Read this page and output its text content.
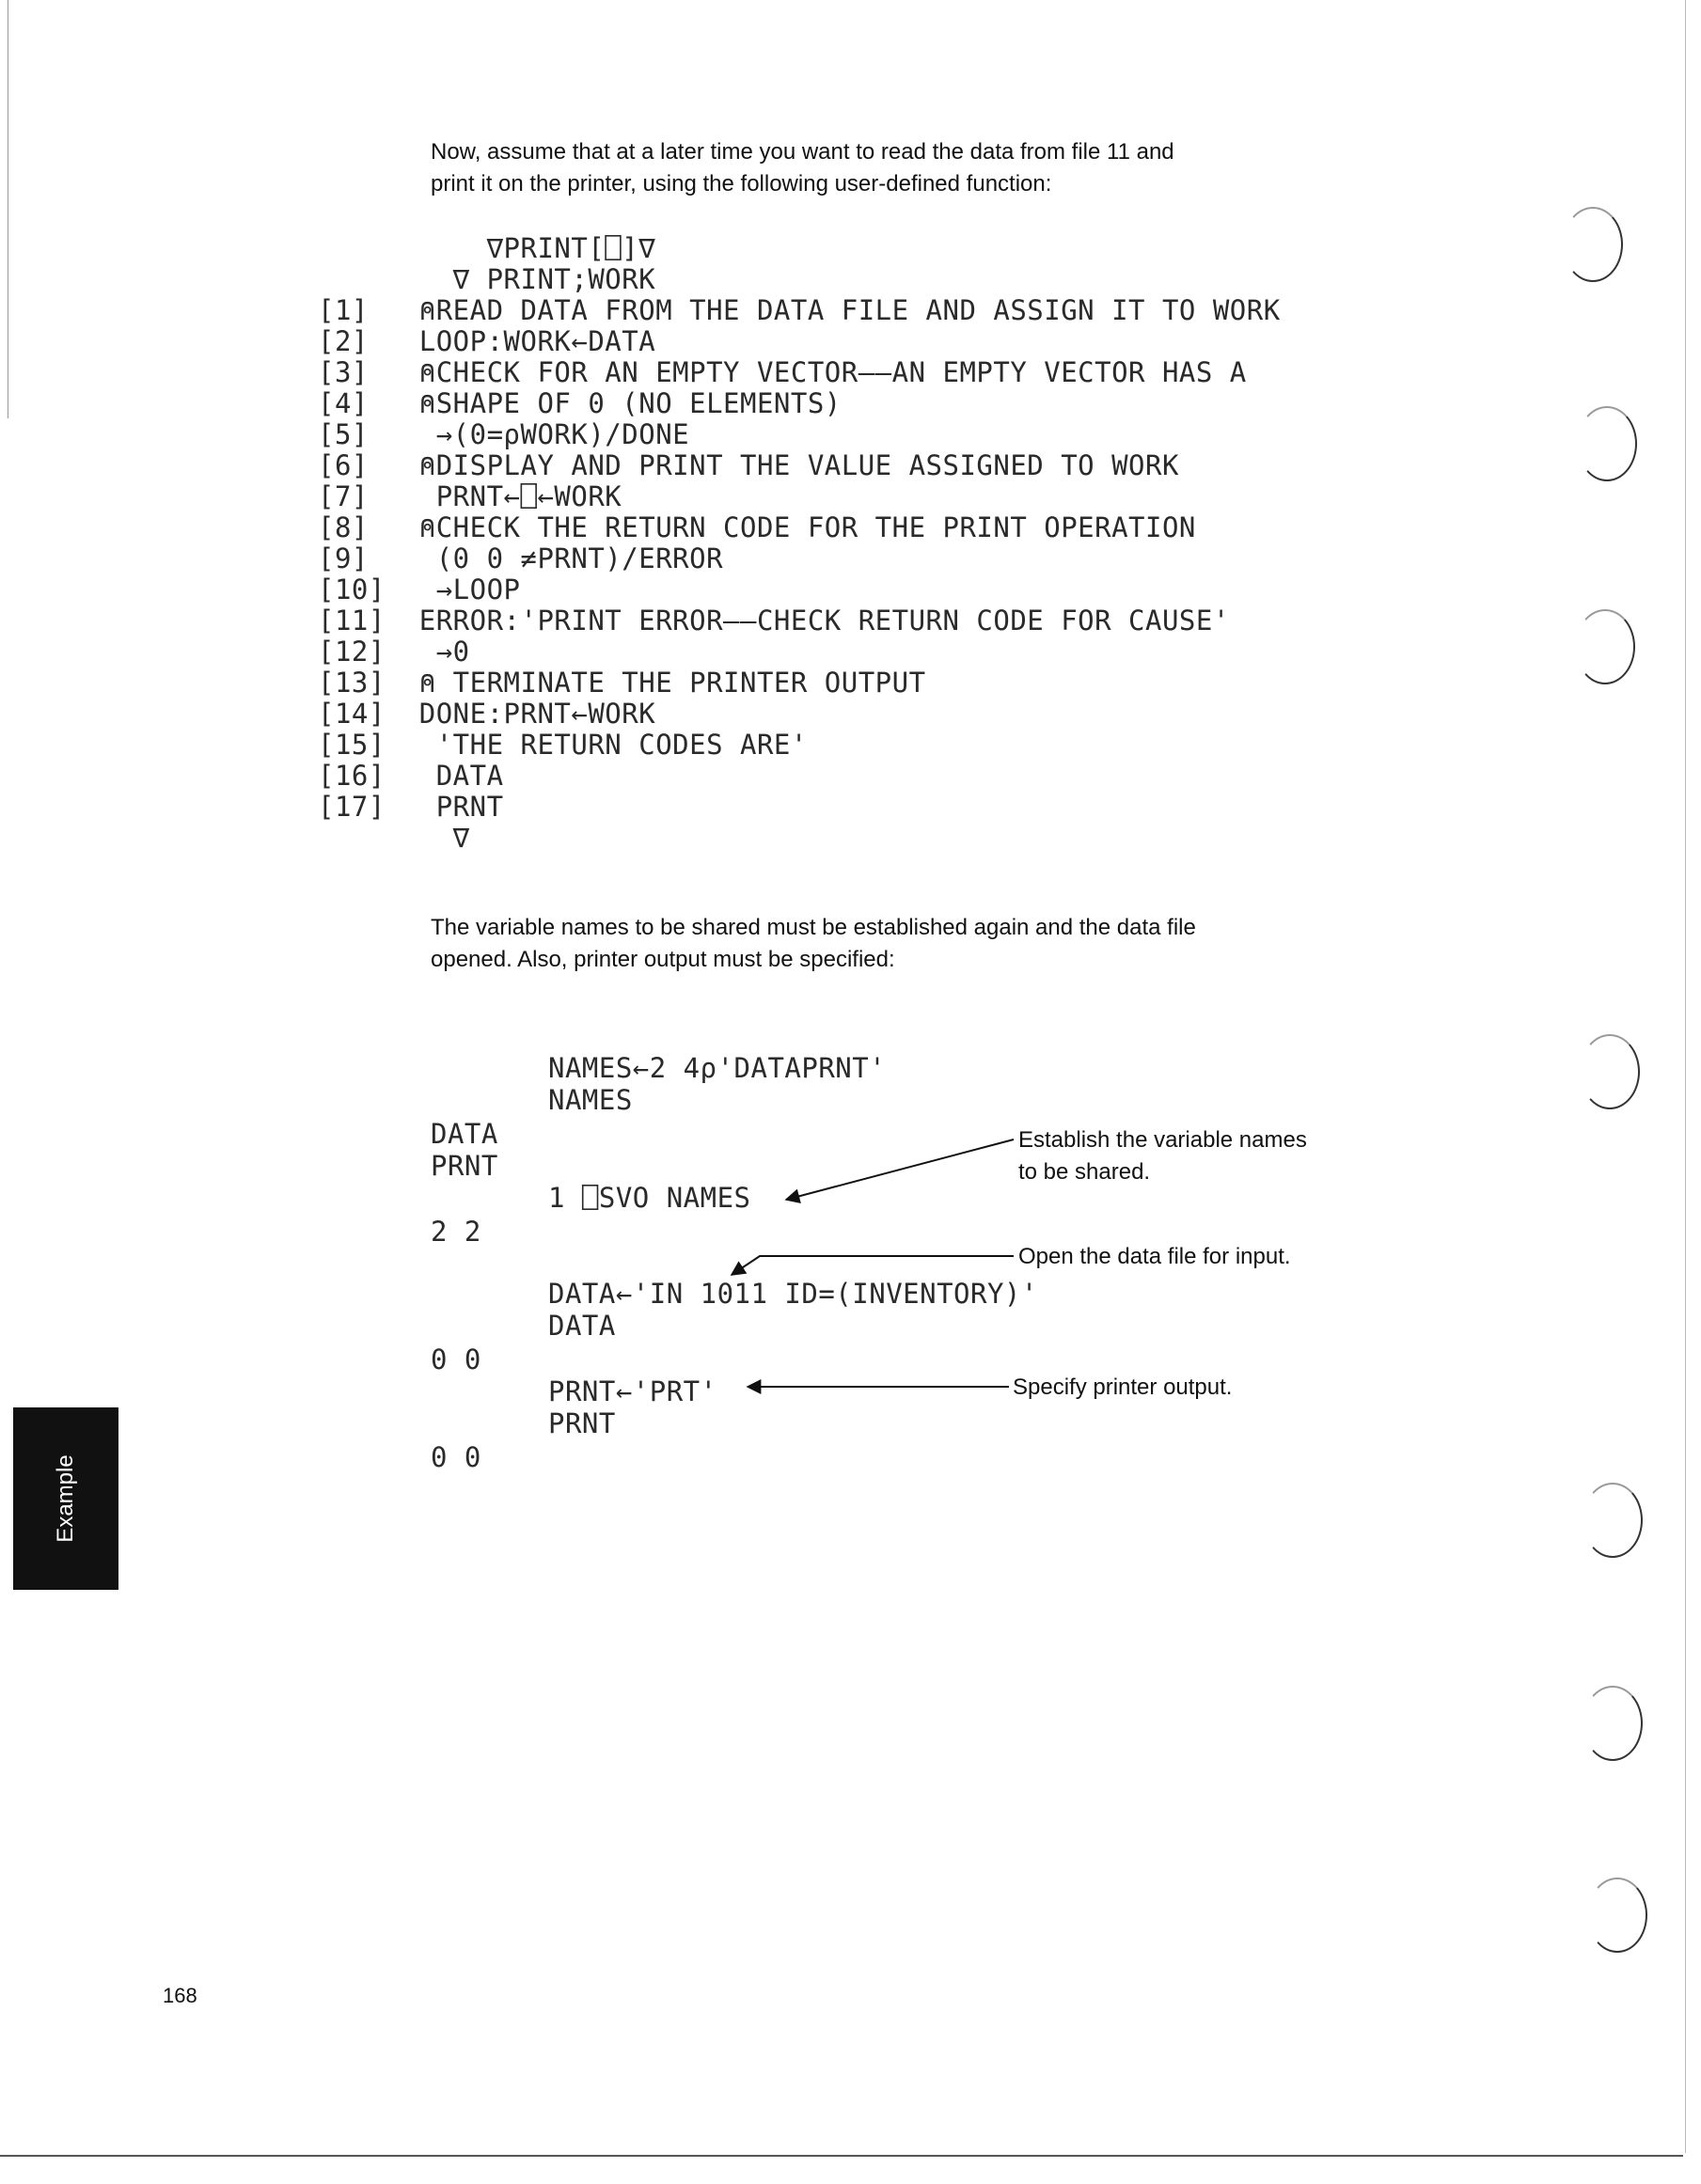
Now, assume that at a later time you want to read the data from file 11 and

print it on the printer, using the following user-defined function:

∇PRINT[⎕]∇
∇ PRINT;WORK
[1]   ⍝READ DATA FROM THE DATA FILE AND ASSIGN IT TO WORK
[2]   LOOP:WORK←DATA
[3]   ⍝CHECK FOR AN EMPTY VECTOR——AN EMPTY VECTOR HAS A
[4]   ⍝SHAPE OF 0 (NO ELEMENTS)
[5]    →(0=⍴WORK)/DONE
[6]   ⍝DISPLAY AND PRINT THE VALUE ASSIGNED TO WORK
[7]    PRNT←⎕←WORK
[8]   ⍝CHECK THE RETURN CODE FOR THE PRINT OPERATION
[9]    (0 0 ≠PRNT)/ERROR
[10]   →LOOP
[11]  ERROR:'PRINT ERROR——CHECK RETURN CODE FOR CAUSE'
[12]   →0
[13]  ⍝ TERMINATE THE PRINTER OUTPUT
[14]  DONE:PRNT←WORK
[15]   'THE RETURN CODES ARE'
[16]   DATA
[17]   PRNT
∇

The variable names to be shared must be established again and the data file

opened. Also, printer output must be specified:

NAMES←2 4⍴'DATAPRNT'
NAMES
DATA
PRNT
1 ⎕SVO NAMES
2 2
DATA←'IN 1011 ID=(INVENTORY)'
DATA
0 0
PRNT←'PRT'
PRNT
0 0
Establish the variable names
to be shared.
Open the data file for input.
Specify printer output.
Example
168
